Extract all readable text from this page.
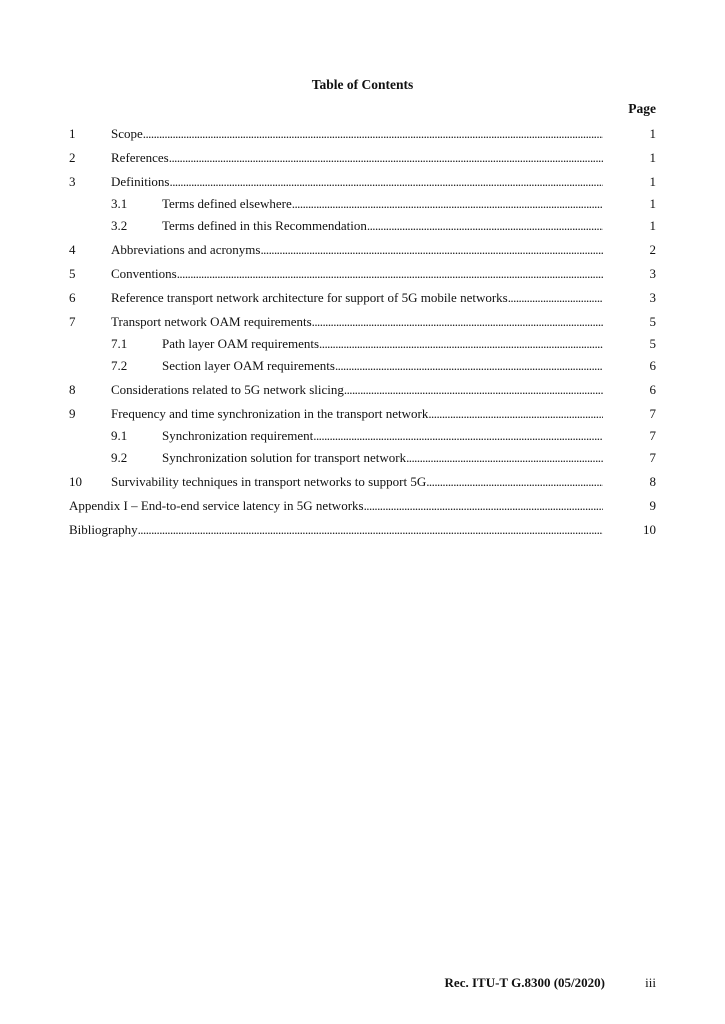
Table of Contents
Page
1	Scope . . .	1
2	References . . .	1
3	Definitions . . .	1
3.1	Terms defined elsewhere . . .	1
3.2	Terms defined in this Recommendation . . .	1
4	Abbreviations and acronyms . . .	2
5	Conventions . . .	3
6	Reference transport network architecture for support of 5G mobile networks . . .	3
7	Transport network OAM requirements . . .	5
7.1	Path layer OAM requirements . . .	5
7.2	Section layer OAM requirements . . .	6
8	Considerations related to 5G network slicing . . .	6
9	Frequency and time synchronization in the transport network . . .	7
9.1	Synchronization requirement . . .	7
9.2	Synchronization solution for transport network . . .	7
10 Survivability techniques in transport networks to support 5G . . .	8
Appendix I – End-to-end service latency in 5G networks . . .	9
Bibliography . . .	10
Rec. ITU-T G.8300 (05/2020)	iii
